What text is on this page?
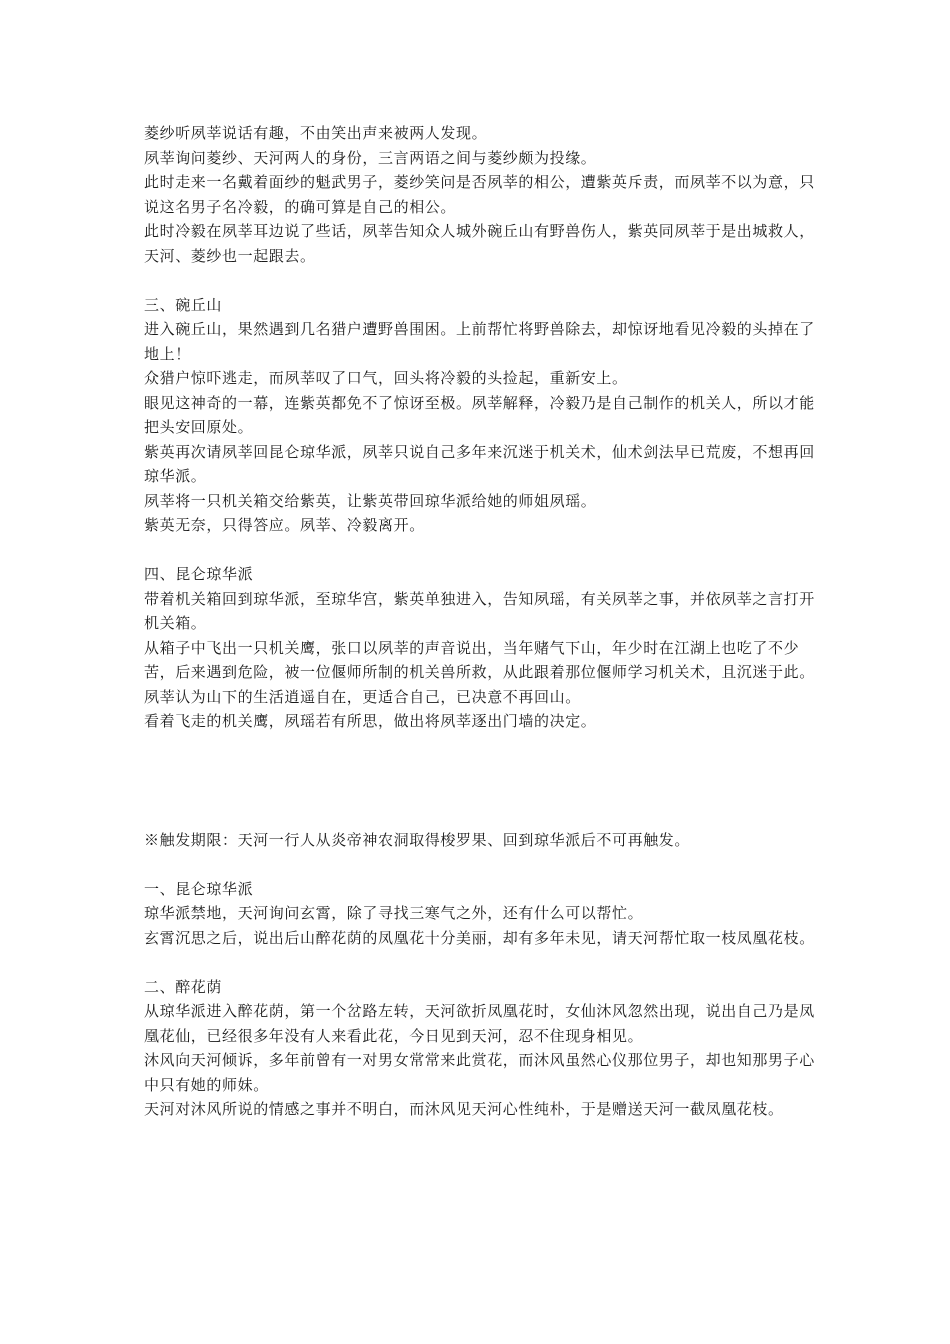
菱纱听夙莘说话有趣，不由笑出声来被两人发现。

夙莘询问菱纱、天河两人的身份，三言两语之间与菱纱颇为投缘。

此时走来一名戴着面纱的魁武男子，菱纱笑问是否夙莘的相公，遭紫英斥责，而夙莘不以为意，只说这名男子名冷毅，的确可算是自己的相公。

此时冷毅在夙莘耳边说了些话，夙莘告知众人城外碗丘山有野兽伤人，紫英同夙莘于是出城救人，天河、菱纱也一起跟去。

三、碗丘山

进入碗丘山，果然遇到几名猎户遭野兽围困。上前帮忙将野兽除去，却惊讶地看见冷毅的头掉在了地上！

众猎户惊吓逃走，而夙莘叹了口气，回头将冷毅的头捡起，重新安上。

眼见这神奇的一幕，连紫英都免不了惊讶至极。夙莘解释，冷毅乃是自己制作的机关人，所以才能把头安回原处。

紫英再次请夙莘回昆仑琼华派，夙莘只说自己多年来沉迷于机关术，仙术剑法早已荒废，不想再回琼华派。

夙莘将一只机关箱交给紫英，让紫英带回琼华派给她的师姐夙瑶。

紫英无奈，只得答应。夙莘、冷毅离开。

四、昆仑琼华派

带着机关箱回到琼华派，至琼华宫，紫英单独进入，告知夙瑶，有关夙莘之事，并依夙莘之言打开机关箱。

从箱子中飞出一只机关鹰，张口以夙莘的声音说出，当年赌气下山，年少时在江湖上也吃了不少苦，后来遇到危险，被一位偃师所制的机关兽所救，从此跟着那位偃师学习机关术，且沉迷于此。

夙莘认为山下的生活逍遥自在，更适合自己，已决意不再回山。

看着飞走的机关鹰，夙瑶若有所思，做出将夙莘逐出门墙的决定。

※触发期限：天河一行人从炎帝神农洞取得梭罗果、回到琼华派后不可再触发。

一、昆仑琼华派

琼华派禁地，天河询问玄霄，除了寻找三寒气之外，还有什么可以帮忙。

玄霄沉思之后，说出后山醉花荫的凤凰花十分美丽，却有多年未见，请天河帮忙取一枝凤凰花枝。

二、醉花荫

从琼华派进入醉花荫，第一个岔路左转，天河欲折凤凰花时，女仙沐风忽然出现，说出自己乃是凤凰花仙，已经很多年没有人来看此花，今日见到天河，忍不住现身相见。

沐风向天河倾诉，多年前曾有一对男女常常来此赏花，而沐风虽然心仪那位男子，却也知那男子心中只有她的师妹。

天河对沐风所说的情感之事并不明白，而沐风见天河心性纯朴，于是赠送天河一截凤凰花枝。
